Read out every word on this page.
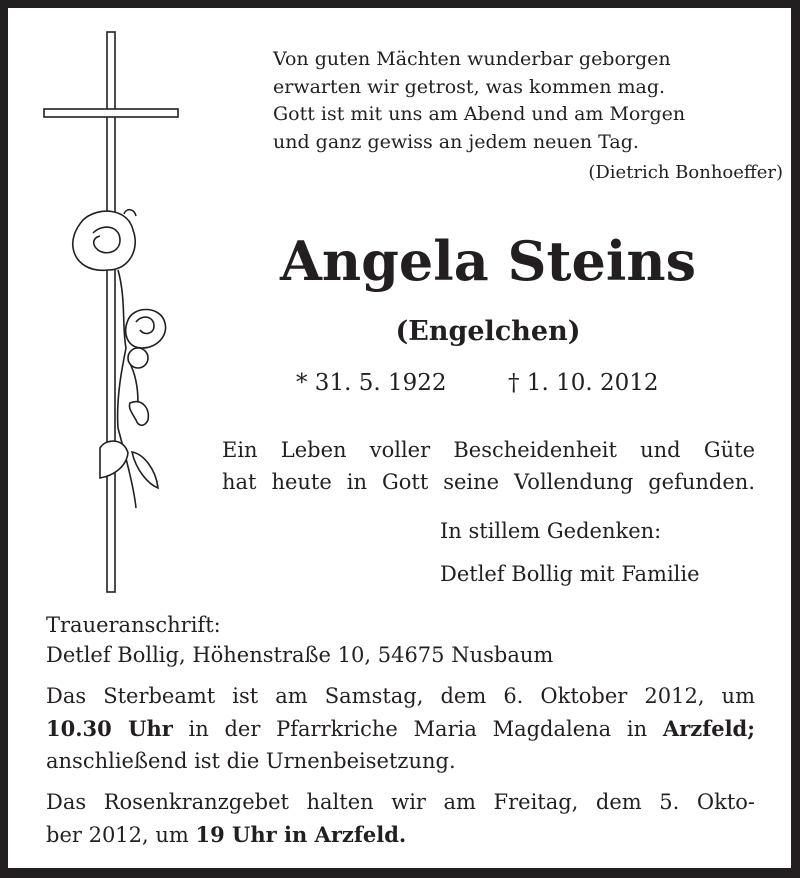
Von guten Mächten wunderbar geborgen
erwarten wir getrost, was kommen mag.
Gott ist mit uns am Abend und am Morgen
und ganz gewiss an jedem neuen Tag.
(Dietrich Bonhoeffer)
Angela Steins
(Engelchen)
* 31. 5. 1922	† 1. 10. 2012
Ein Leben voller Bescheidenheit und Güte
hat heute in Gott seine Vollendung gefunden.
In stillem Gedenken:
Detlef Bollig mit Familie
Traueranschrift:
Detlef Bollig, Höhenstraße 10, 54675 Nusbaum
Das Sterbeamt ist am Samstag, dem 6. Oktober 2012, um
10.30 Uhr in der Pfarrkriche Maria Magdalena in Arzfeld;
anschließend ist die Urnenbeisetzung.
Das Rosenkranzgebet halten wir am Freitag, dem 5. Okto-
ber 2012, um 19 Uhr in Arzfeld.
